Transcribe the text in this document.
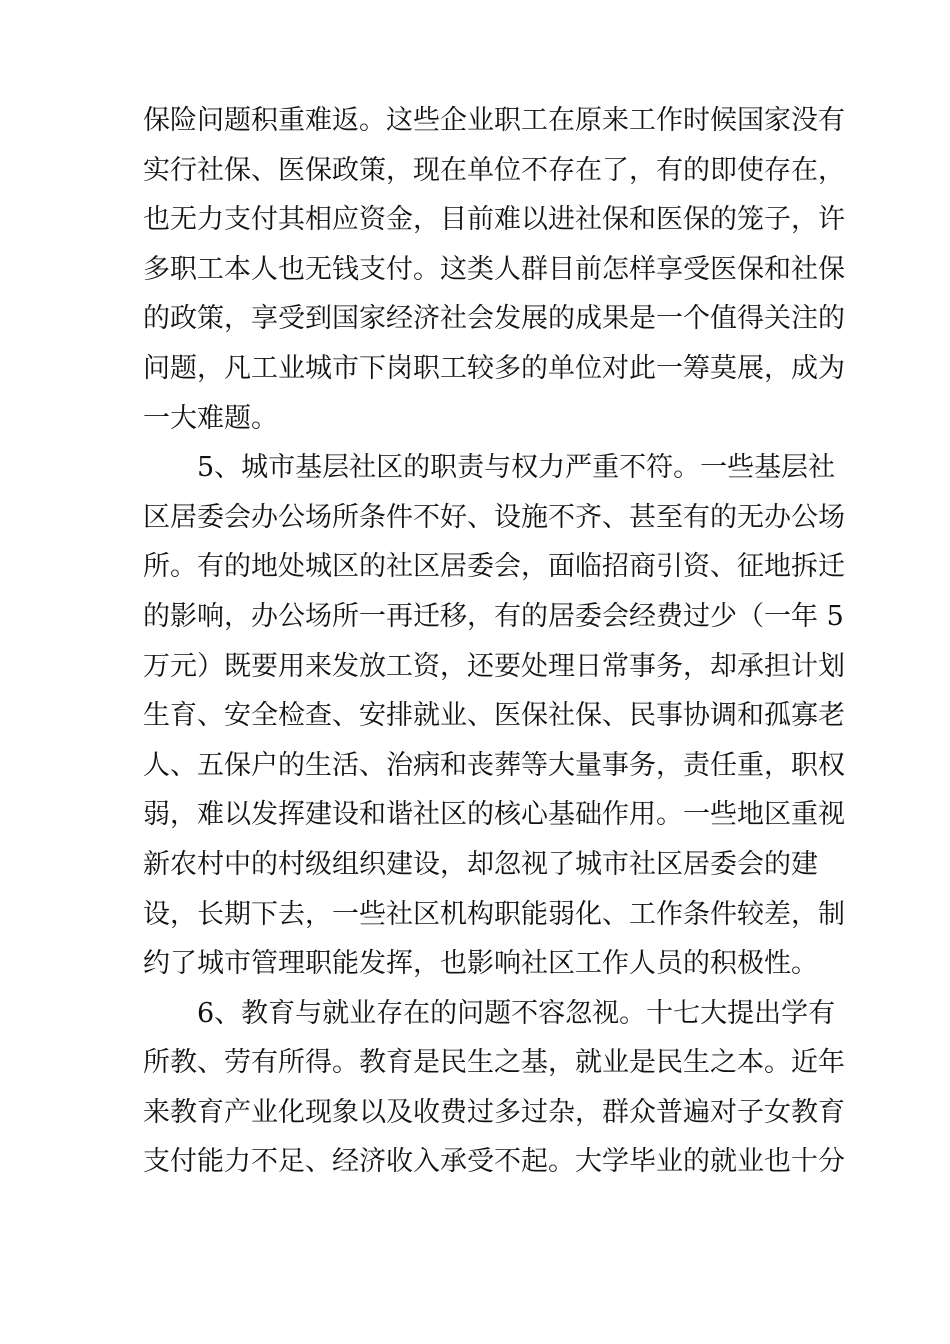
保险问题积重难返。这些企业职工在原来工作时候国家没有
实行社保、医保政策，现在单位不存在了，有的即使存在，
也无力支付其相应资金，目前难以进社保和医保的笼子，许
多职工本人也无钱支付。这类人群目前怎样享受医保和社保
的政策，享受到国家经济社会发展的成果是一个值得关注的
问题，凡工业城市下岗职工较多的单位对此一筹莫展，成为
一大难题。
5、城市基层社区的职责与权力严重不符。一些基层社
区居委会办公场所条件不好、设施不齐、甚至有的无办公场
所。有的地处城区的社区居委会，面临招商引资、征地拆迁
的影响，办公场所一再迁移，有的居委会经费过少（一年 5
万元）既要用来发放工资，还要处理日常事务，却承担计划
生育、安全检查、安排就业、医保社保、民事协调和孤寡老
人、五保户的生活、治病和丧葬等大量事务，责任重，职权
弱，难以发挥建设和谐社区的核心基础作用。一些地区重视
新农村中的村级组织建设，却忽视了城市社区居委会的建
设，长期下去，一些社区机构职能弱化、工作条件较差，制
约了城市管理职能发挥，也影响社区工作人员的积极性。
6、教育与就业存在的问题不容忽视。十七大提出学有
所教、劳有所得。教育是民生之基，就业是民生之本。近年
来教育产业化现象以及收费过多过杂，群众普遍对子女教育
支付能力不足、经济收入承受不起。大学毕业的就业也十分
